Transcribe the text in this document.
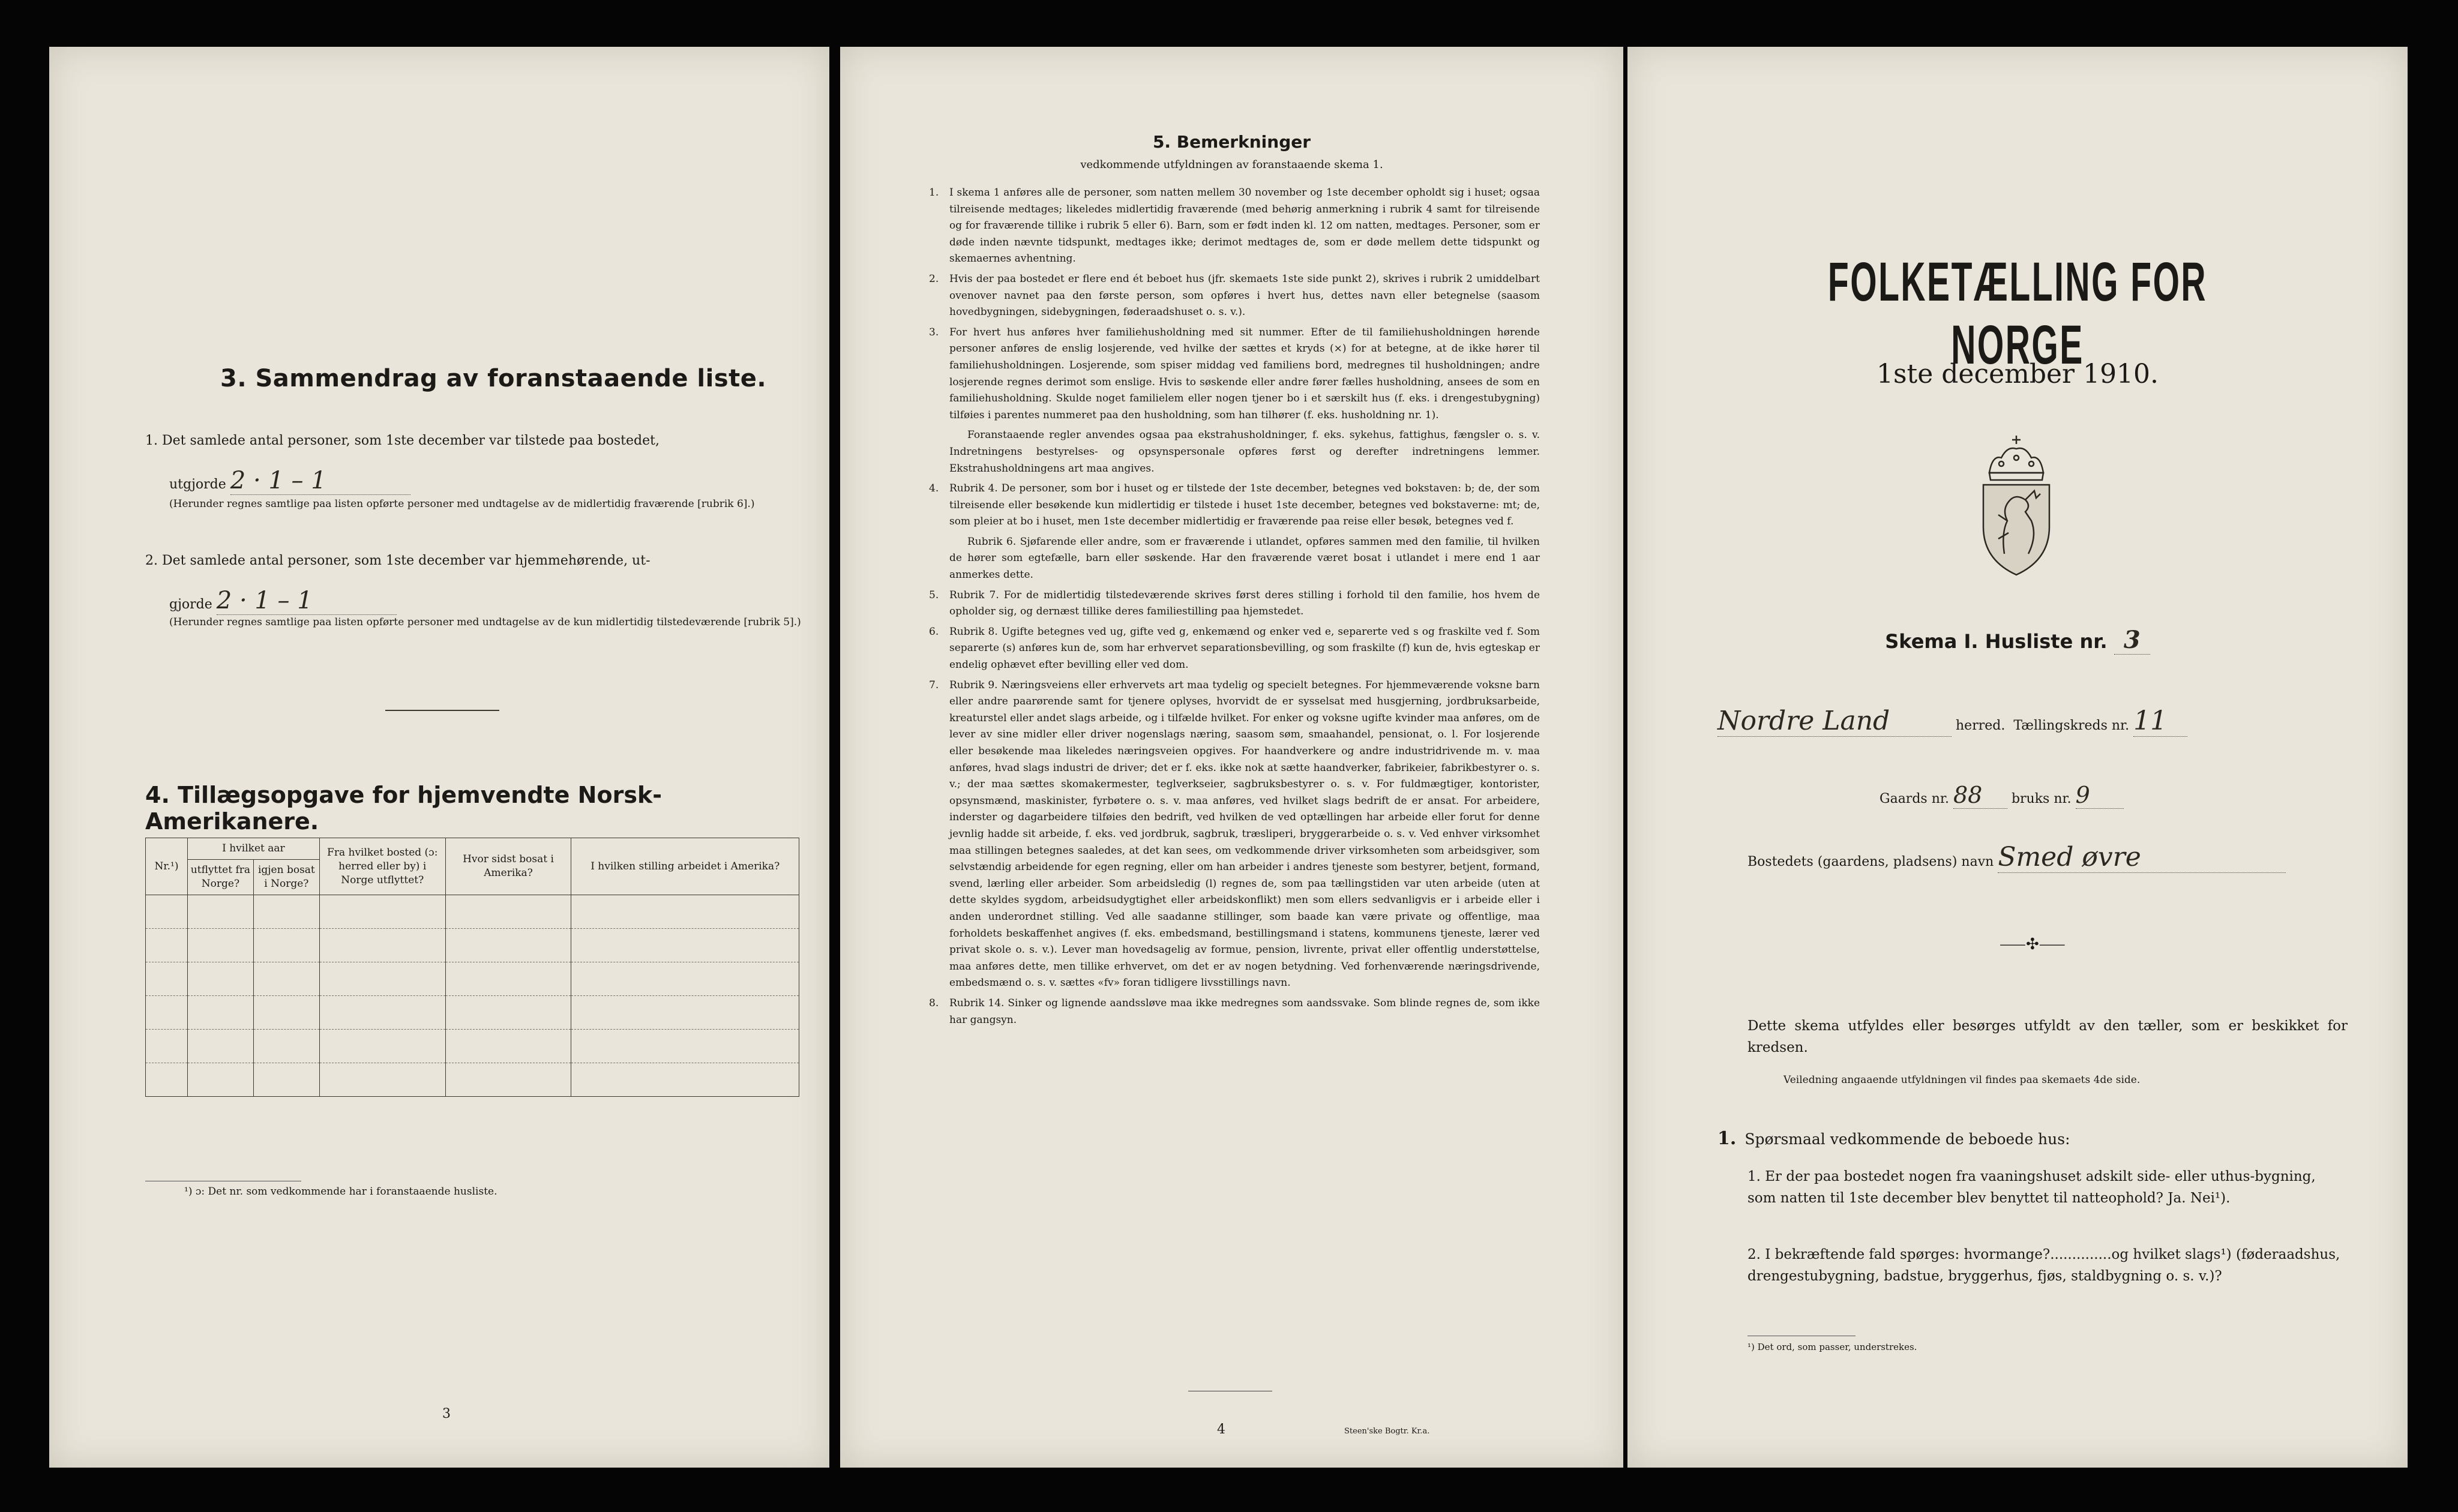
3. Sammendrag av foranstaaende liste.
1. Det samlede antal personer, som 1ste december var tilstede paa bostedet,
utgjorde 2 · 1 – 1
(Herunder regnes samtlige paa listen opførte personer med undtagelse av de midlertidig fraværende [rubrik 6].)
2. Det samlede antal personer, som 1ste december var hjemmehørende, ut-
gjorde 2 · 1 – 1
(Herunder regnes samtlige paa listen opførte personer med undtagelse av de kun midlertidig tilstedeværende [rubrik 5].)
4. Tillægsopgave for hjemvendte Norsk-Amerikanere.
Nr.¹)	I hvilket aar		Fra hvilket bosted (ɔ: herred eller by) i Norge utflyttet?	Hvor sidst bosat i Amerika?	I hvilken stilling arbeidet i Amerika?
	utflyttet fra Norge?	igjen bosat i Norge?			

¹) ɔ: Det nr. som vedkommende har i foranstaaende husliste.
3
5. Bemerkninger
vedkommende utfyldningen av foranstaaende skema 1.

1. I skema 1 anføres alle de personer, som natten mellem 30 november og 1ste december opholdt sig i huset; ogsaa tilreisende medtages; likeledes midlertidig fraværende (med behørig anmerkning i rubrik 4 samt for tilreisende og for fraværende tillike i rubrik 5 eller 6). Barn, som er født inden kl. 12 om natten, medtages. Personer, som er døde inden nævnte tidspunkt, medtages ikke; derimot medtages de, som er døde mellem dette tidspunkt og skemaernes avhentning.

2. Hvis der paa bostedet er flere end ét beboet hus (jfr. skemaets 1ste side punkt 2), skrives i rubrik 2 umiddelbart ovenover navnet paa den første person, som opføres i hvert hus, dettes navn eller betegnelse (saasom hovedbygningen, sidebygningen, føderaadshuset o. s. v.).

3. For hvert hus anføres hver familiehusholdning med sit nummer. Efter de til familiehusholdningen hørende personer anføres de enslig losjerende, ved hvilke der sættes et kryds (×) for at betegne, at de ikke hører til familiehusholdningen. Losjerende, som spiser middag ved familiens bord, medregnes til husholdningen; andre losjerende regnes derimot som enslige. Hvis to søskende eller andre fører fælles husholdning, ansees de som en familiehusholdning. Skulde noget familielem eller nogen tjener bo i et særskilt hus (f. eks. i drengestubygning) tilføies i parentes nummeret paa den husholdning, som han tilhører (f. eks. husholdning nr. 1).

Foranstaaende regler anvendes ogsaa paa ekstrahusholdninger, f. eks. sykehus, fattighus, fængsler o. s. v. Indretningens bestyrelses- og opsynspersonale opføres først og derefter indretningens lemmer. Ekstrahusholdningens art maa angives.

4. Rubrik 4. De personer, som bor i huset og er tilstede der 1ste december, betegnes ved bokstaven: b; de, der som tilreisende eller besøkende kun midlertidig er tilstede i huset 1ste december, betegnes ved bokstaverne: mt; de, som pleier at bo i huset, men 1ste december midlertidig er fraværende paa reise eller besøk, betegnes ved f.

Rubrik 6. Sjøfarende eller andre, som er fraværende i utlandet, opføres sammen med den familie, til hvilken de hører som egtefælle, barn eller søskende. Har den fraværende været bosat i utlandet i mere end 1 aar anmerkes dette.

5. Rubrik 7. For de midlertidig tilstedeværende skrives først deres stilling i forhold til den familie, hos hvem de opholder sig, og dernæst tillike deres familiestilling paa hjemstedet.

6. Rubrik 8. Ugifte betegnes ved ug, gifte ved g, enkemænd og enker ved e, separerte ved s og fraskilte ved f. Som separerte (s) anføres kun de, som har erhvervet separationsbevilling, og som fraskilte (f) kun de, hvis egteskap er endelig ophævet efter bevilling eller ved dom.

7. Rubrik 9. Næringsveiens eller erhvervets art maa tydelig og specielt betegnes. For hjemmeværende voksne barn eller andre paarørende samt for tjenere oplyses, hvorvidt de er sysselsat med husgjerning, jordbruksarbeide, kreaturstel eller andet slags arbeide, og i tilfælde hvilket. For enker og voksne ugifte kvinder maa anføres, om de lever av sine midler eller driver nogenslags næring, saasom søm, smaahandel, pensionat, o. l. For losjerende eller besøkende maa likeledes næringsveien opgives. For haandverkere og andre industridrivende m. v. maa anføres, hvad slags industri de driver; det er f. eks. ikke nok at sætte haandverker, fabrikeier, fabrikbestyrer o. s. v.; der maa sættes skomakermester, teglverkseier, sagbruksbestyrer o. s. v. For fuldmægtiger, kontorister, opsynsmænd, maskinister, fyrbøtere o. s. v. maa anføres, ved hvilket slags bedrift de er ansat. For arbeidere, inderster og dagarbeidere tilføies den bedrift, ved hvilken de ved optællingen har arbeide eller forut for denne jevnlig hadde sit arbeide, f. eks. ved jordbruk, sagbruk, træsliperi, bryggerarbeide o. s. v. Ved enhver virksomhet maa stillingen betegnes saaledes, at det kan sees, om vedkommende driver virksomheten som arbeidsgiver, som selvstændig arbeidende for egen regning, eller om han arbeider i andres tjeneste som bestyrer, betjent, formand, svend, lærling eller arbeider. Som arbeidsledig (l) regnes de, som paa tællingstiden var uten arbeide (uten at dette skyldes sygdom, arbeidsudygtighet eller arbeidskonflikt) men som ellers sedvanligvis er i arbeide eller i anden underordnet stilling. Ved alle saadanne stillinger, som baade kan være private og offentlige, maa forholdets beskaffenhet angives (f. eks. embedsmand, bestillingsmand i statens, kommunens tjeneste, lærer ved privat skole o. s. v.). Lever man hovedsagelig av formue, pension, livrente, privat eller offentlig understøttelse, maa anføres dette, men tillike erhvervet, om det er av nogen betydning. Ved forhenværende næringsdrivende, embedsmænd o. s. v. sættes «fv» foran tidligere livsstillings navn.

8. Rubrik 14. Sinker og lignende aandssløve maa ikke medregnes som aandssvake. Som blinde regnes de, som ikke har gangsyn.

4	Steen'ske Bogtr. Kr.a.
FOLKETÆLLING FOR NORGE
1ste december 1910.
Skema I. Husliste nr. 3
Nordre Land	herred. Tællingskreds nr. 11
Gaards nr. 88 bruks nr. 9
Bostedets (gaardens, pladsens) navn Smed øvre
⸺✣⸺
Dette skema utfyldes eller besørges utfyldt av den tæller, som er beskikket for kredsen.
Veiledning angaaende utfyldningen vil findes paa skemaets 4de side.
1. Spørsmaal vedkommende de beboede hus:
1. Er der paa bostedet nogen fra vaaningshuset adskilt side- eller uthus-bygning, som natten til 1ste december blev benyttet til natteophold? Ja. Nei¹).
2. I bekræftende fald spørges: hvormange?..............og hvilket slags¹) (føderaadshus, drengestubygning, badstue, bryggerhus, fjøs, staldbygning o. s. v.)?
¹) Det ord, som passer, understrekes.
